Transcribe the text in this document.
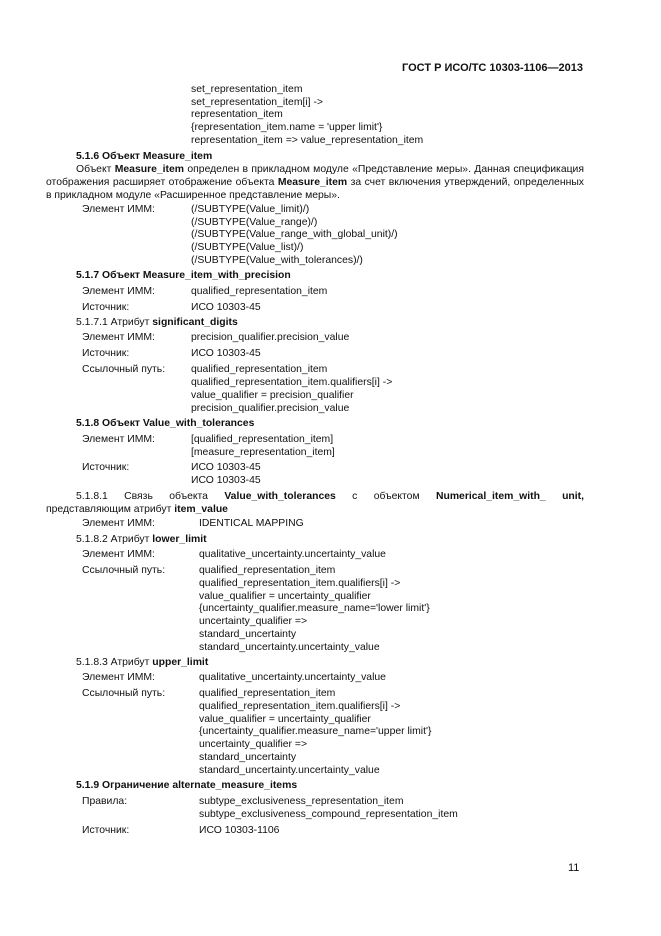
ГОСТ Р ИСО/ТС 10303-1106—2013
set_representation_item
set_representation_item[i] ->
representation_item
{representation_item.name = 'upper limit'}
representation_item => value_representation_item
5.1.6 Объект Measure_item

Объект Measure_item определен в прикладном модуле «Представление меры». Данная спецификация отображения расширяет отображение объекта Measure_item за счет включения утверждений, определенных в прикладном модуле «Расширенное представление меры».

Элемент ИММ:	(/SUBTYPE(Value_limit)/)
(/SUBTYPE(Value_range)/)
(/SUBTYPE(Value_range_with_global_unit)/)
(/SUBTYPE(Value_list)/)
(/SUBTYPE(Value_with_tolerances)/)
5.1.7 Объект Measure_item_with_precision
Элемент ИММ:	qualified_representation_item
Источник:	ИСО 10303-45
5.1.7.1 Атрибут significant_digits
Элемент ИММ:	precision_qualifier.precision_value
Источник:	ИСО 10303-45
Ссылочный путь: qualified_representation_item
qualified_representation_item.qualifiers[i] ->
value_qualifier = precision_qualifier
precision_qualifier.precision_value
5.1.8 Объект Value_with_tolerances
Элемент ИММ:	[qualified_representation_item]
[measure_representation_item]
Источник:	ИСО 10303-45
ИСО 10303-45
5.1.8.1 Связь объекта Value_with_tolerances с объектом Numerical_item_with_ unit,
представляющим атрибут item_value
Элемент ИММ:	IDENTICAL MAPPING
5.1.8.2 Атрибут lower_limit
Элемент ИММ:	qualitative_uncertainty.uncertainty_value
Ссылочный путь:	qualified_representation_item
qualified_representation_item.qualifiers[i] ->
value_qualifier = uncertainty_qualifier
{uncertainty_qualifier.measure_name='lower limit'}
uncertainty_qualifier =>
standard_uncertainty
standard_uncertainty.uncertainty_value
5.1.8.3 Атрибут upper_limit
Элемент ИММ:	qualitative_uncertainty.uncertainty_value
Ссылочный путь:	qualified_representation_item
qualified_representation_item.qualifiers[i] ->
value_qualifier = uncertainty_qualifier
{uncertainty_qualifier.measure_name='upper limit'}
uncertainty_qualifier =>
standard_uncertainty
standard_uncertainty.uncertainty_value
5.1.9 Ограничение alternate_measure_items
Правила:	subtype_exclusiveness_representation_item
subtype_exclusiveness_compound_representation_item
Источник:	ИСО 10303-1106
11
